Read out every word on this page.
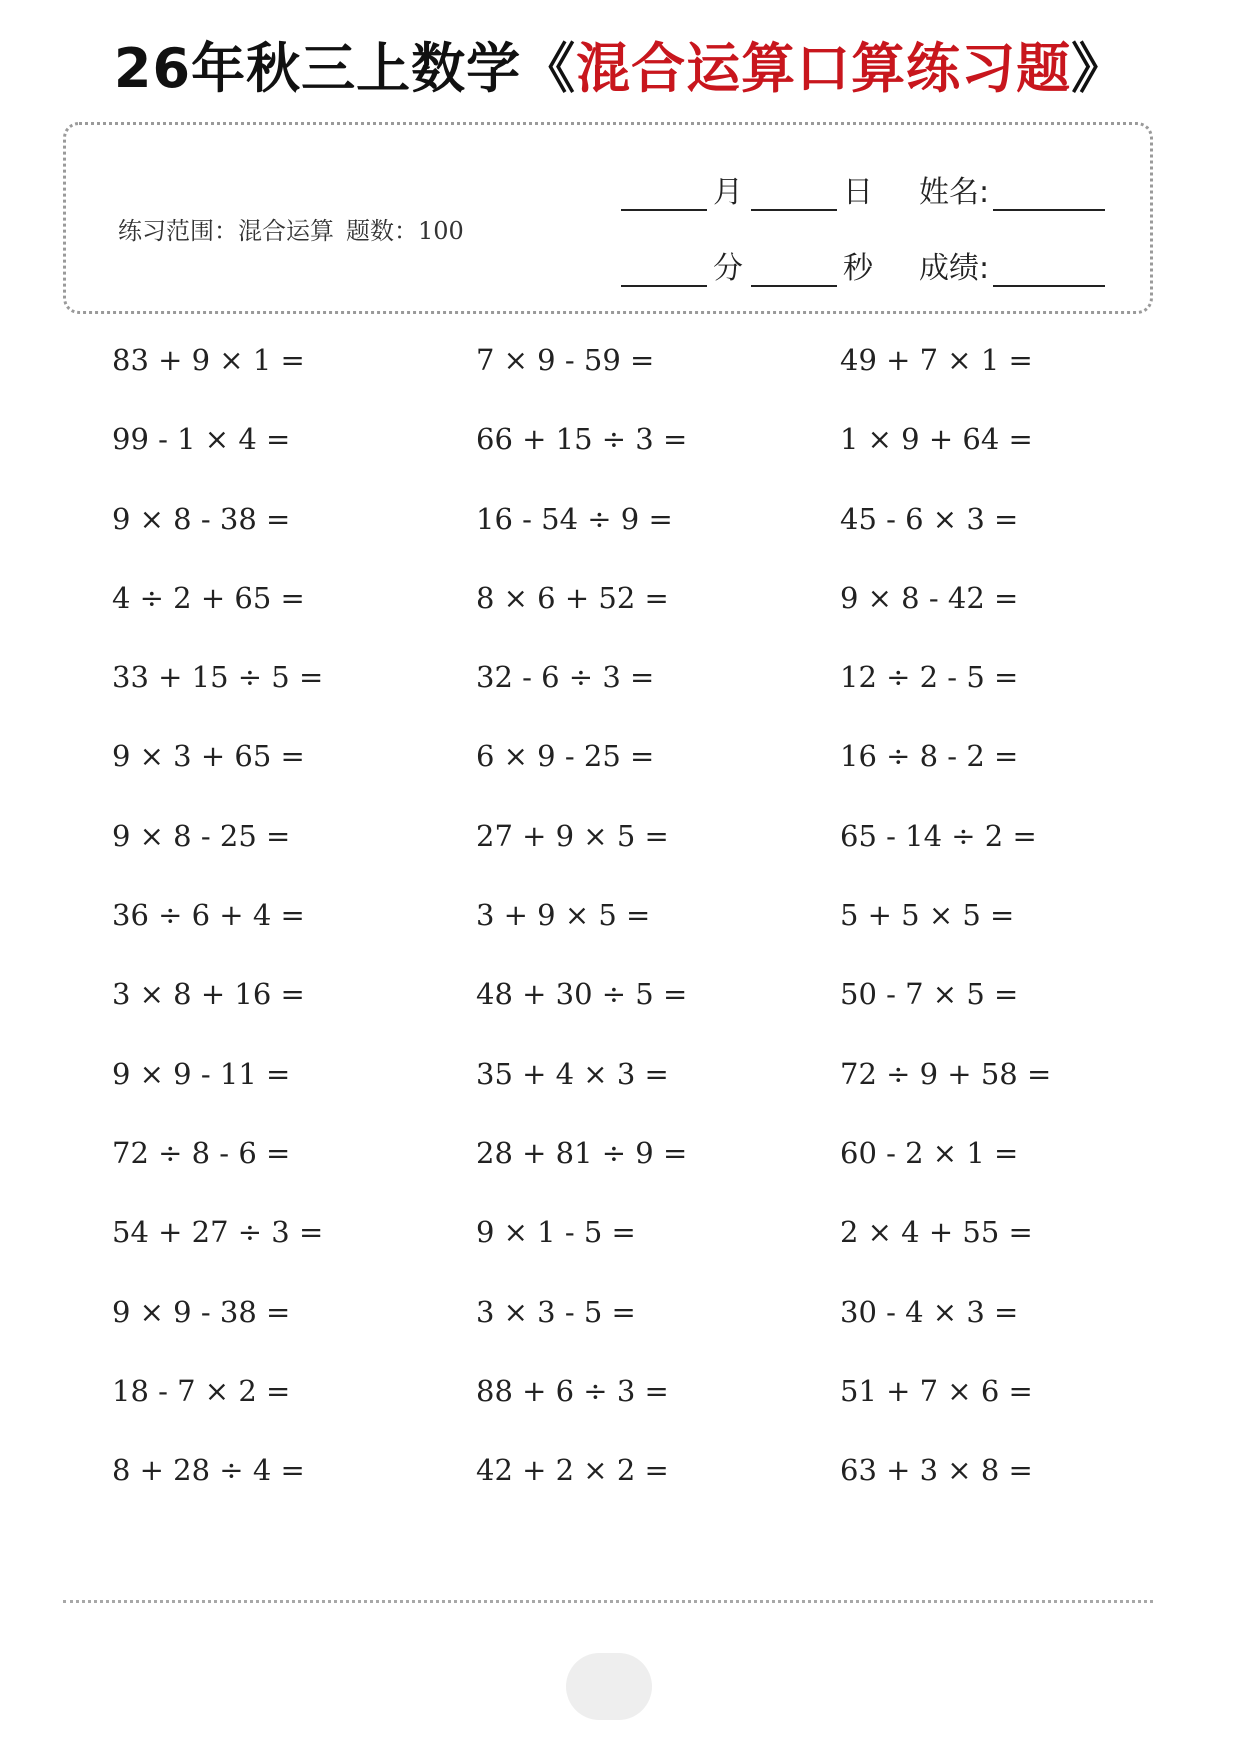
26年秋三上数学《混合运算口算练习题》
练习范围：混合运算 题数：100
月	日 姓名:
分	秒 成绩:
83 + 9 × 1 =	7 × 9 - 59 =	49 + 7 × 1 =
99 - 1 × 4 =	66 + 15 ÷ 3 =	1 × 9 + 64 =
9 × 8 - 38 =	16 - 54 ÷ 9 =	45 - 6 × 3 =
4 ÷ 2 + 65 =	8 × 6 + 52 =	9 × 8 - 42 =
33 + 15 ÷ 5 =	32 - 6 ÷ 3 =	12 ÷ 2 - 5 =
9 × 3 + 65 =	6 × 9 - 25 =	16 ÷ 8 - 2 =
9 × 8 - 25 =	27 + 9 × 5 =	65 - 14 ÷ 2 =
36 ÷ 6 + 4 =	3 + 9 × 5 =	5 + 5 × 5 =
3 × 8 + 16 =	48 + 30 ÷ 5 =	50 - 7 × 5 =
9 × 9 - 11 =	35 + 4 × 3 =	72 ÷ 9 + 58 =
72 ÷ 8 - 6 =	28 + 81 ÷ 9 =	60 - 2 × 1 =
54 + 27 ÷ 3 =	9 × 1 - 5 =	2 × 4 + 55 =
9 × 9 - 38 =	3 × 3 - 5 =	30 - 4 × 3 =
18 - 7 × 2 =	88 + 6 ÷ 3 =	51 + 7 × 6 =
8 + 28 ÷ 4 =	42 + 2 × 2 =	63 + 3 × 8 =
